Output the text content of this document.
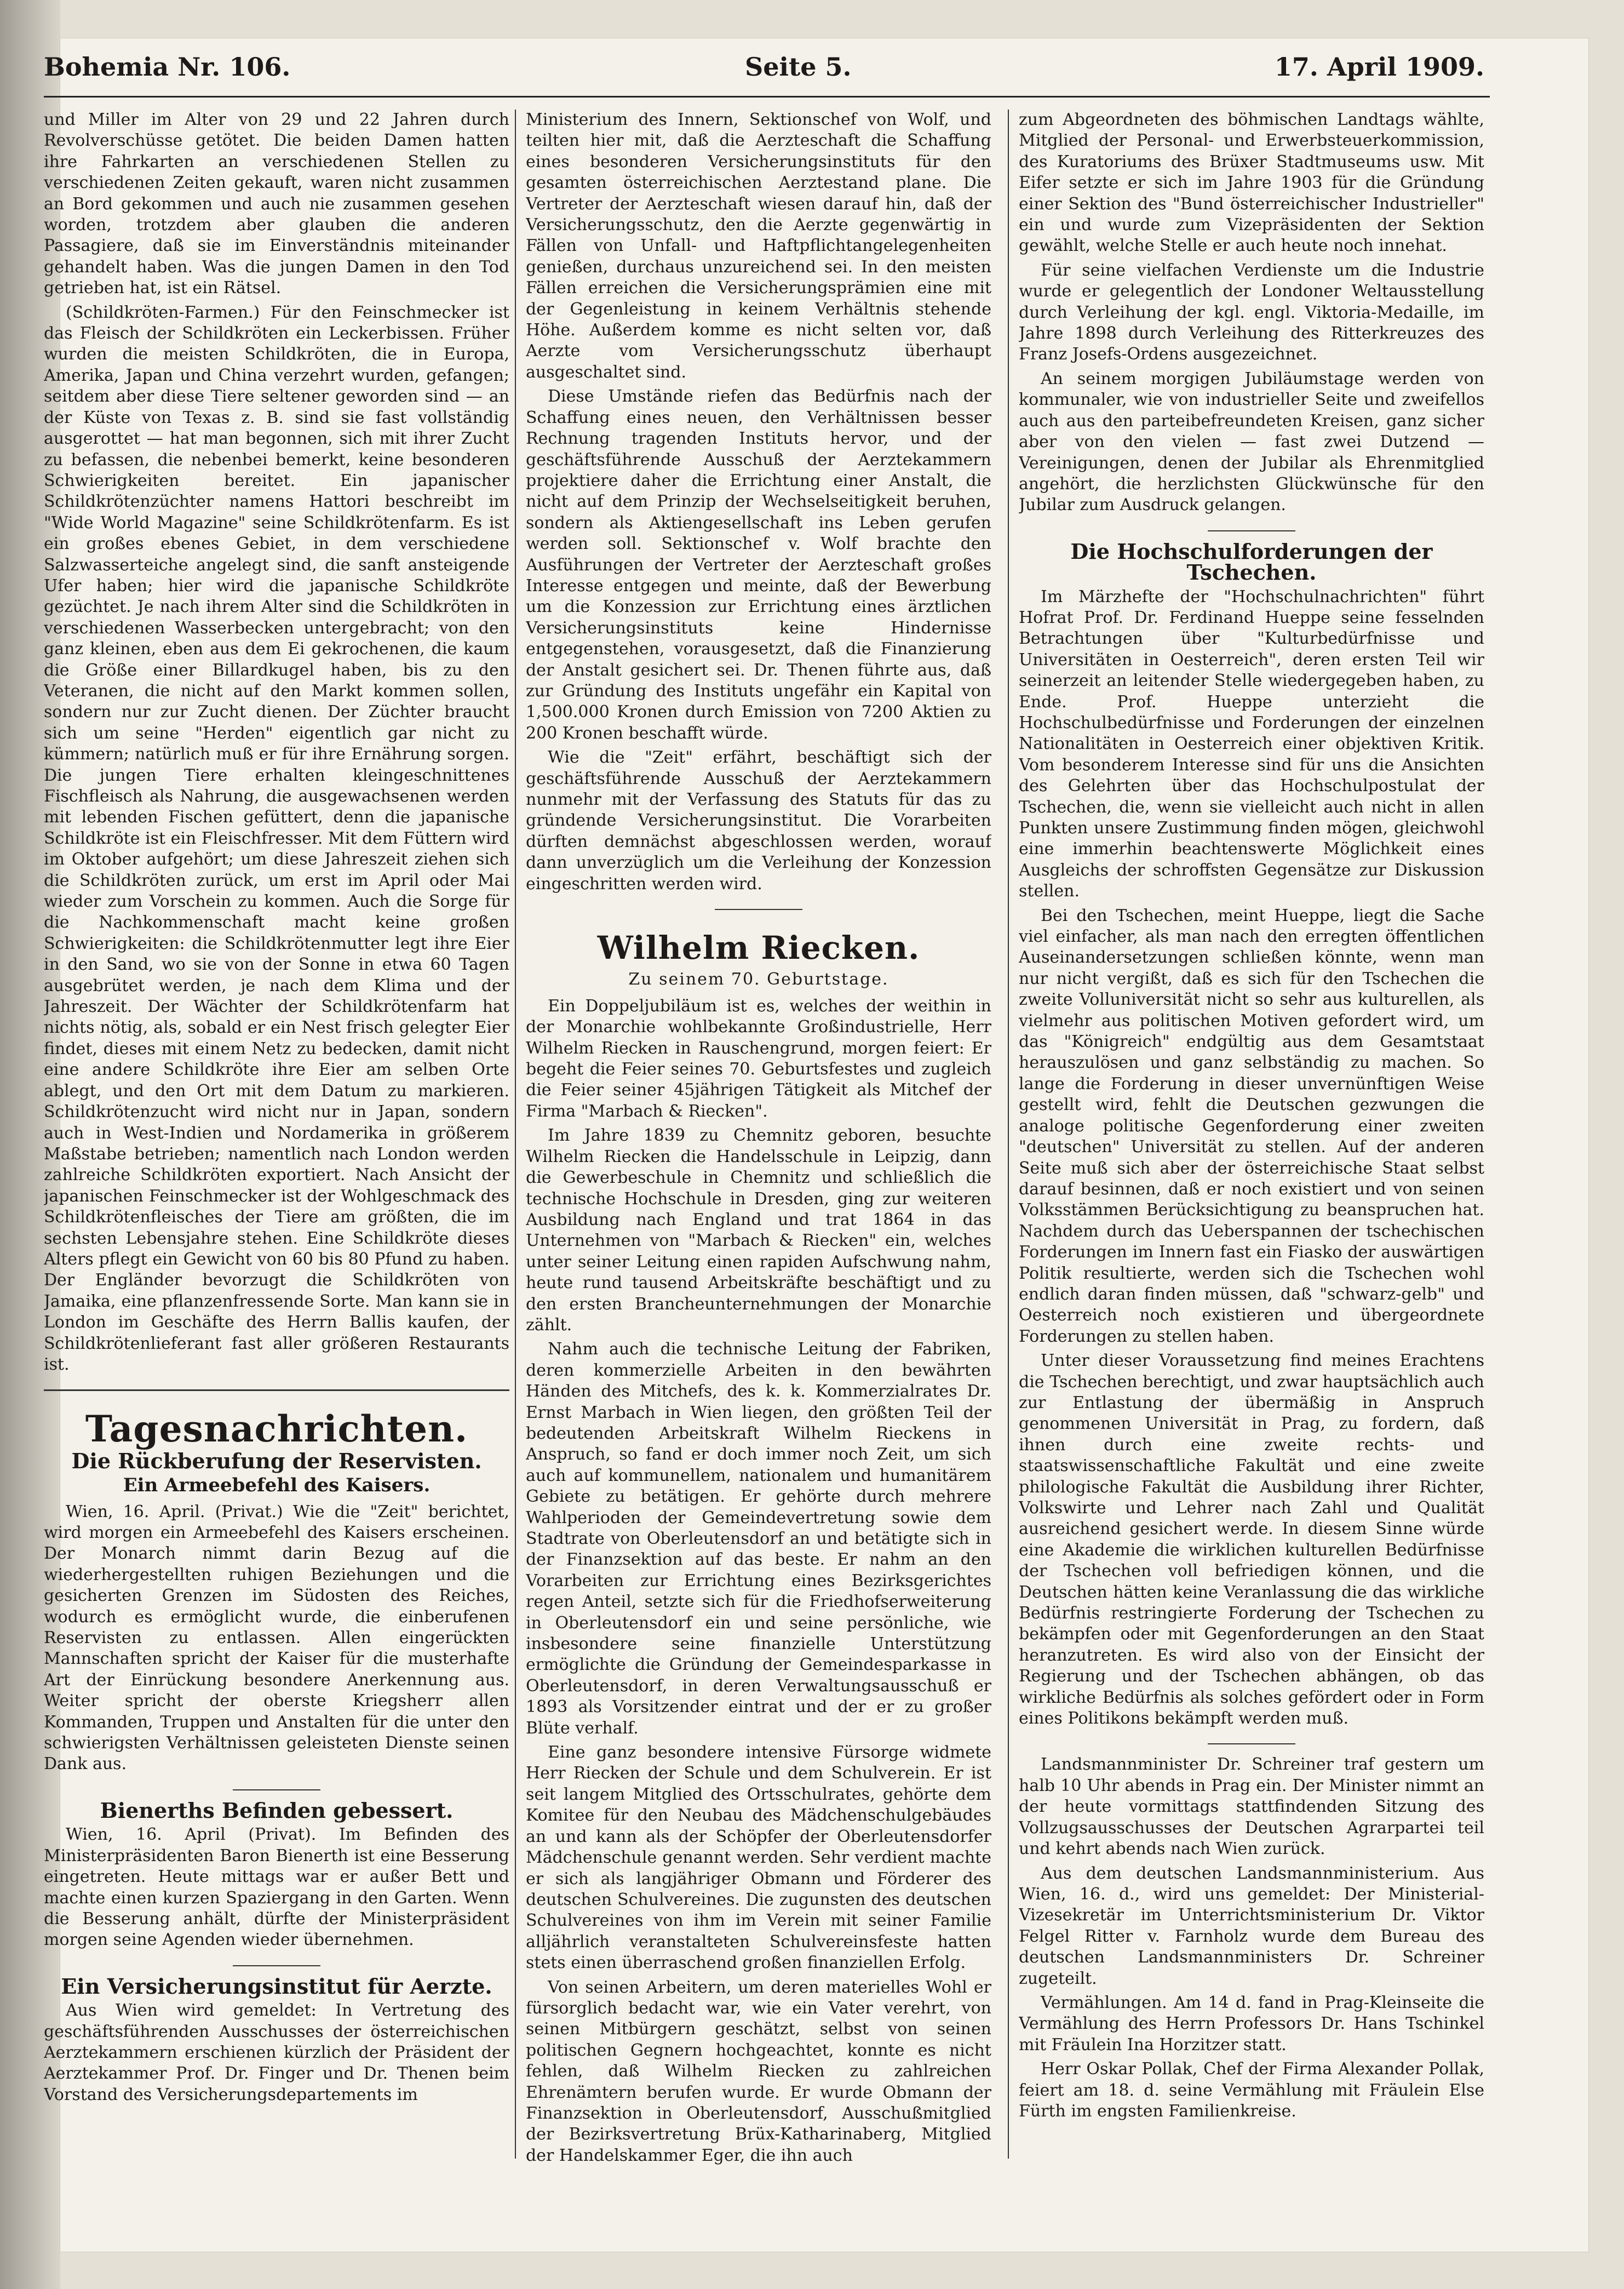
Bohemia Nr. 106.	Seite 5.	17. April 1909.

und Miller im Alter von 29 und 22 Jahren durch Revolverschüsse getötet. Die beiden Damen hatten ihre Fahrkarten an verschiedenen Stellen zu verschiedenen Zeiten gekauft, waren nicht zusammen an Bord gekommen und auch nie zusammen gesehen worden, trotzdem aber glauben die anderen Passagiere, daß sie im Einverständnis miteinander gehandelt haben. Was die jungen Damen in den Tod getrieben hat, ist ein Rätsel.

(Schildkröten-Farmen.) Für den Feinschmecker ist das Fleisch der Schildkröten ein Leckerbissen. Früher wurden die meisten Schildkröten, die in Europa, Amerika, Japan und China verzehrt wurden, gefangen; seitdem aber diese Tiere seltener geworden sind — an der Küste von Texas z. B. sind sie fast vollständig ausgerottet — hat man begonnen, sich mit ihrer Zucht zu befassen, die nebenbei bemerkt, keine besonderen Schwierigkeiten bereitet. Ein japanischer Schildkrötenzüchter namens Hattori beschreibt im "Wide World Magazine" seine Schildkrötenfarm. Es ist ein großes ebenes Gebiet, in dem verschiedene Salzwasserteiche angelegt sind, die sanft ansteigende Ufer haben; hier wird die japanische Schildkröte gezüchtet. Je nach ihrem Alter sind die Schildkröten in verschiedenen Wasserbecken untergebracht; von den ganz kleinen, eben aus dem Ei gekrochenen, die kaum die Größe einer Billardkugel haben, bis zu den Veteranen, die nicht auf den Markt kommen sollen, sondern nur zur Zucht dienen. Der Züchter braucht sich um seine "Herden" eigentlich gar nicht zu kümmern; natürlich muß er für ihre Ernährung sorgen. Die jungen Tiere erhalten kleingeschnittenes Fischfleisch als Nahrung, die ausgewachsenen werden mit lebenden Fischen gefüttert, denn die japanische Schildkröte ist ein Fleischfresser. Mit dem Füttern wird im Oktober aufgehört; um diese Jahreszeit ziehen sich die Schildkröten zurück, um erst im April oder Mai wieder zum Vorschein zu kommen. Auch die Sorge für die Nachkommenschaft macht keine großen Schwierigkeiten: die Schildkrötenmutter legt ihre Eier in den Sand, wo sie von der Sonne in etwa 60 Tagen ausgebrütet werden, je nach dem Klima und der Jahreszeit. Der Wächter der Schildkrötenfarm hat nichts nötig, als, sobald er ein Nest frisch gelegter Eier findet, dieses mit einem Netz zu bedecken, damit nicht eine andere Schildkröte ihre Eier am selben Orte ablegt, und den Ort mit dem Datum zu markieren. Schildkrötenzucht wird nicht nur in Japan, sondern auch in West-Indien und Nordamerika in größerem Maßstabe betrieben; namentlich nach London werden zahlreiche Schildkröten exportiert. Nach Ansicht der japanischen Feinschmecker ist der Wohlgeschmack des Schildkrötenfleisches der Tiere am größten, die im sechsten Lebensjahre stehen. Eine Schildkröte dieses Alters pflegt ein Gewicht von 60 bis 80 Pfund zu haben. Der Engländer bevorzugt die Schildkröten von Jamaika, eine pflanzenfressende Sorte. Man kann sie in London im Geschäfte des Herrn Ballis kaufen, der Schildkrötenlieferant fast aller größeren Restaurants ist.

Tagesnachrichten.
Die Rückberufung der Reservisten.
Ein Armeebefehl des Kaisers.

Wien, 16. April. (Privat.) Wie die "Zeit" berichtet, wird morgen ein Armeebefehl des Kaisers erscheinen. Der Monarch nimmt darin Bezug auf die wiederhergestellten ruhigen Beziehungen und die gesicherten Grenzen im Südosten des Reiches, wodurch es ermöglicht wurde, die einberufenen Reservisten zu entlassen. Allen eingerückten Mannschaften spricht der Kaiser für die musterhafte Art der Einrückung besondere Anerkennung aus. Weiter spricht der oberste Kriegsherr allen Kommanden, Truppen und Anstalten für die unter den schwierigsten Verhältnissen geleisteten Dienste seinen Dank aus.

Bienerths Befinden gebessert.

Wien, 16. April (Privat). Im Befinden des Ministerpräsidenten Baron Bienerth ist eine Besserung eingetreten. Heute mittags war er außer Bett und machte einen kurzen Spaziergang in den Garten. Wenn die Besserung anhält, dürfte der Ministerpräsident morgen seine Agenden wieder übernehmen.

Ein Versicherungsinstitut für Aerzte.

Aus Wien wird gemeldet: In Vertretung des geschäftsführenden Ausschusses der österreichischen Aerztekammern erschienen kürzlich der Präsident der Aerztekammer Prof. Dr. Finger und Dr. Thenen beim Vorstand des Versicherungsdepartements im

Ministerium des Innern, Sektionschef von Wolf, und teilten hier mit, daß die Aerzteschaft die Schaffung eines besonderen Versicherungsinstituts für den gesamten österreichischen Aerztestand plane. Die Vertreter der Aerzteschaft wiesen darauf hin, daß der Versicherungsschutz, den die Aerzte gegenwärtig in Fällen von Unfall- und Haftpflichtangelegenheiten genießen, durchaus unzureichend sei. In den meisten Fällen erreichen die Versicherungsprämien eine mit der Gegenleistung in keinem Verhältnis stehende Höhe. Außerdem komme es nicht selten vor, daß Aerzte vom Versicherungsschutz überhaupt ausgeschaltet sind.

Diese Umstände riefen das Bedürfnis nach der Schaffung eines neuen, den Verhältnissen besser Rechnung tragenden Instituts hervor, und der geschäftsführende Ausschuß der Aerztekammern projektiere daher die Errichtung einer Anstalt, die nicht auf dem Prinzip der Wechselseitigkeit beruhen, sondern als Aktiengesellschaft ins Leben gerufen werden soll. Sektionschef v. Wolf brachte den Ausführungen der Vertreter der Aerzteschaft großes Interesse entgegen und meinte, daß der Bewerbung um die Konzession zur Errichtung eines ärztlichen Versicherungsinstituts keine Hindernisse entgegenstehen, vorausgesetzt, daß die Finanzierung der Anstalt gesichert sei. Dr. Thenen führte aus, daß zur Gründung des Instituts ungefähr ein Kapital von 1,500.000 Kronen durch Emission von 7200 Aktien zu 200 Kronen beschafft würde.

Wie die "Zeit" erfährt, beschäftigt sich der geschäftsführende Ausschuß der Aerztekammern nunmehr mit der Verfassung des Statuts für das zu gründende Versicherungsinstitut. Die Vorarbeiten dürften demnächst abgeschlossen werden, worauf dann unverzüglich um die Verleihung der Konzession eingeschritten werden wird.

Wilhelm Riecken.
Zu seinem 70. Geburtstage.

Ein Doppeljubiläum ist es, welches der weithin in der Monarchie wohlbekannte Großindustrielle, Herr Wilhelm Riecken in Rauschengrund, morgen feiert: Er begeht die Feier seines 70. Geburtsfestes und zugleich die Feier seiner 45jährigen Tätigkeit als Mitchef der Firma "Marbach & Riecken".

Im Jahre 1839 zu Chemnitz geboren, besuchte Wilhelm Riecken die Handelsschule in Leipzig, dann die Gewerbeschule in Chemnitz und schließlich die technische Hochschule in Dresden, ging zur weiteren Ausbildung nach England und trat 1864 in das Unternehmen von "Marbach & Riecken" ein, welches unter seiner Leitung einen rapiden Aufschwung nahm, heute rund tausend Arbeitskräfte beschäftigt und zu den ersten Brancheunternehmungen der Monarchie zählt.

Nahm auch die technische Leitung der Fabriken, deren kommerzielle Arbeiten in den bewährten Händen des Mitchefs, des k. k. Kommerzialrates Dr. Ernst Marbach in Wien liegen, den größten Teil der bedeutenden Arbeitskraft Wilhelm Rieckens in Anspruch, so fand er doch immer noch Zeit, um sich auch auf kommunellem, nationalem und humanitärem Gebiete zu betätigen. Er gehörte durch mehrere Wahlperioden der Gemeindevertretung sowie dem Stadtrate von Oberleutensdorf an und betätigte sich in der Finanzsektion auf das beste. Er nahm an den Vorarbeiten zur Errichtung eines Bezirksgerichtes regen Anteil, setzte sich für die Friedhofserweiterung in Oberleutensdorf ein und seine persönliche, wie insbesondere seine finanzielle Unterstützung ermöglichte die Gründung der Gemeindesparkasse in Oberleutensdorf, in deren Verwaltungsausschuß er 1893 als Vorsitzender eintrat und der er zu großer Blüte verhalf.

Eine ganz besondere intensive Fürsorge widmete Herr Riecken der Schule und dem Schulverein. Er ist seit langem Mitglied des Ortsschulrates, gehörte dem Komitee für den Neubau des Mädchenschulgebäudes an und kann als der Schöpfer der Oberleutensdorfer Mädchenschule genannt werden. Sehr verdient machte er sich als langjähriger Obmann und Förderer des deutschen Schulvereines. Die zugunsten des deutschen Schulvereines von ihm im Verein mit seiner Familie alljährlich veranstalteten Schulvereinsfeste hatten stets einen überraschend großen finanziellen Erfolg.

Von seinen Arbeitern, um deren materielles Wohl er fürsorglich bedacht war, wie ein Vater verehrt, von seinen Mitbürgern geschätzt, selbst von seinen politischen Gegnern hochgeachtet, konnte es nicht fehlen, daß Wilhelm Riecken zu zahlreichen Ehrenämtern berufen wurde. Er wurde Obmann der Finanzsektion in Oberleutensdorf, Ausschußmitglied der Bezirksvertretung Brüx-Katharinaberg, Mitglied der Handelskammer Eger, die ihn auch

zum Abgeordneten des böhmischen Landtags wählte, Mitglied der Personal- und Erwerbsteuerkommission, des Kuratoriums des Brüxer Stadtmuseums usw. Mit Eifer setzte er sich im Jahre 1903 für die Gründung einer Sektion des "Bund österreichischer Industrieller" ein und wurde zum Vizepräsidenten der Sektion gewählt, welche Stelle er auch heute noch innehat.

Für seine vielfachen Verdienste um die Industrie wurde er gelegentlich der Londoner Weltausstellung durch Verleihung der kgl. engl. Viktoria-Medaille, im Jahre 1898 durch Verleihung des Ritterkreuzes des Franz Josefs-Ordens ausgezeichnet.

An seinem morgigen Jubiläumstage werden von kommunaler, wie von industrieller Seite und zweifellos auch aus den parteibefreundeten Kreisen, ganz sicher aber von den vielen — fast zwei Dutzend — Vereinigungen, denen der Jubilar als Ehrenmitglied angehört, die herzlichsten Glückwünsche für den Jubilar zum Ausdruck gelangen.

Die Hochschulforderungen der Tschechen.

Im Märzhefte der "Hochschulnachrichten" führt Hofrat Prof. Dr. Ferdinand Hueppe seine fesselnden Betrachtungen über "Kulturbedürfnisse und Universitäten in Oesterreich", deren ersten Teil wir seinerzeit an leitender Stelle wiedergegeben haben, zu Ende. Prof. Hueppe unterzieht die Hochschulbedürfnisse und Forderungen der einzelnen Nationalitäten in Oesterreich einer objektiven Kritik. Vom besonderem Interesse sind für uns die Ansichten des Gelehrten über das Hochschulpostulat der Tschechen, die, wenn sie vielleicht auch nicht in allen Punkten unsere Zustimmung finden mögen, gleichwohl eine immerhin beachtenswerte Möglichkeit eines Ausgleichs der schroffsten Gegensätze zur Diskussion stellen.

Bei den Tschechen, meint Hueppe, liegt die Sache viel einfacher, als man nach den erregten öffentlichen Auseinandersetzungen schließen könnte, wenn man nur nicht vergißt, daß es sich für den Tschechen die zweite Volluniversität nicht so sehr aus kulturellen, als vielmehr aus politischen Motiven gefordert wird, um das "Königreich" endgültig aus dem Gesamtstaat herauszulösen und ganz selbständig zu machen. So lange die Forderung in dieser unvernünftigen Weise gestellt wird, fehlt die Deutschen gezwungen die analoge politische Gegenforderung einer zweiten "deutschen" Universität zu stellen. Auf der anderen Seite muß sich aber der österreichische Staat selbst darauf besinnen, daß er noch existiert und von seinen Volksstämmen Berücksichtigung zu beanspruchen hat. Nachdem durch das Ueberspannen der tschechischen Forderungen im Innern fast ein Fiasko der auswärtigen Politik resultierte, werden sich die Tschechen wohl endlich daran finden müssen, daß "schwarz-gelb" und Oesterreich noch existieren und übergeordnete Forderungen zu stellen haben.

Unter dieser Voraussetzung find meines Erachtens die Tschechen berechtigt, und zwar hauptsächlich auch zur Entlastung der übermäßig in Anspruch genommenen Universität in Prag, zu fordern, daß ihnen durch eine zweite rechts- und staatswissenschaftliche Fakultät und eine zweite philologische Fakultät die Ausbildung ihrer Richter, Volkswirte und Lehrer nach Zahl und Qualität ausreichend gesichert werde. In diesem Sinne würde eine Akademie die wirklichen kulturellen Bedürfnisse der Tschechen voll befriedigen können, und die Deutschen hätten keine Veranlassung die das wirkliche Bedürfnis restringierte Forderung der Tschechen zu bekämpfen oder mit Gegenforderungen an den Staat heranzutreten. Es wird also von der Einsicht der Regierung und der Tschechen abhängen, ob das wirkliche Bedürfnis als solches gefördert oder in Form eines Politikons bekämpft werden muß.

Landsmannminister Dr. Schreiner traf gestern um halb 10 Uhr abends in Prag ein. Der Minister nimmt an der heute vormittags stattfindenden Sitzung des Vollzugsausschusses der Deutschen Agrarpartei teil und kehrt abends nach Wien zurück.

Aus dem deutschen Landsmannministerium. Aus Wien, 16. d., wird uns gemeldet: Der Ministerial-Vizesekretär im Unterrichtsministerium Dr. Viktor Felgel Ritter v. Farnholz wurde dem Bureau des deutschen Landsmannministers Dr. Schreiner zugeteilt.

Vermählungen. Am 14 d. fand in Prag-Kleinseite die Vermählung des Herrn Professors Dr. Hans Tschinkel mit Fräulein Ina Horzitzer statt.

Herr Oskar Pollak, Chef der Firma Alexander Pollak, feiert am 18. d. seine Vermählung mit Fräulein Else Fürth im engsten Familienkreise.
